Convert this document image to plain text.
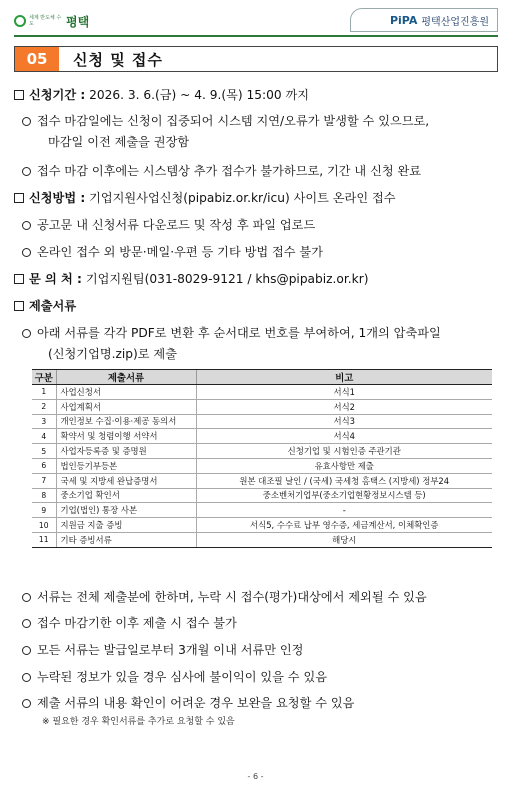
세계 반도체 수도	평택	PiPA 평택산업진흥원
05	신청 및 접수
신청기간 : 2026. 3. 6.(금) ~ 4. 9.(목) 15:00 까지
접수 마감일에는 신청이 집중되어 시스템 지연/오류가 발생할 수 있으므로,
마감일 이전 제출을 권장함
접수 마감 이후에는 시스템상 추가 접수가 불가하므로, 기간 내 신청 완료
신청방법 : 기업지원사업신청(pipabiz.or.kr/icu) 사이트 온라인 접수
공고문 내 신청서류 다운로드 및 작성 후 파일 업로드
온라인 접수 외 방문·메일·우편 등 기타 방법 접수 불가
문 의 처 : 기업지원팀(031-8029-9121 / khs@pipabiz.or.kr)
제출서류
아래 서류를 각각 PDF로 변환 후 순서대로 번호를 부여하여, 1개의 압축파일
(신청기업명.zip)로 제출
구분	제출서류	비고
1	사업신청서	서식1
2	사업계획서	서식2
3	개인정보 수집·이용·제공 동의서	서식3
4	확약서 및 청렴이행 서약서	서식4
5	사업자등록증 및 증명원	신청기업 및 시험인증 주관기관
6	법인등기부등본	유효사항만 제출
7	국세 및 지방세 완납증명서	원본 대조필 날인 / (국세) 국세청 홈택스 (지방세) 정부24
8	중소기업 확인서	중소벤처기업부(중소기업현황정보시스템 등)
9	기업(법인) 통장 사본	-
10	지원금 지출 증빙	서식5, 수수료 납부 영수증, 세금계산서, 이체확인증
11	기타 증빙서류	해당시
서류는 전체 제출분에 한하며, 누락 시 접수(평가)대상에서 제외될 수 있음
접수 마감기한 이후 제출 시 접수 불가
모든 서류는 발급일로부터 3개월 이내 서류만 인정
누락된 정보가 있을 경우 심사에 불이익이 있을 수 있음
제출 서류의 내용 확인이 어려운 경우 보완을 요청할 수 있음
※ 필요한 경우 확인서류를 추가로 요청할 수 있음
- 6 -
